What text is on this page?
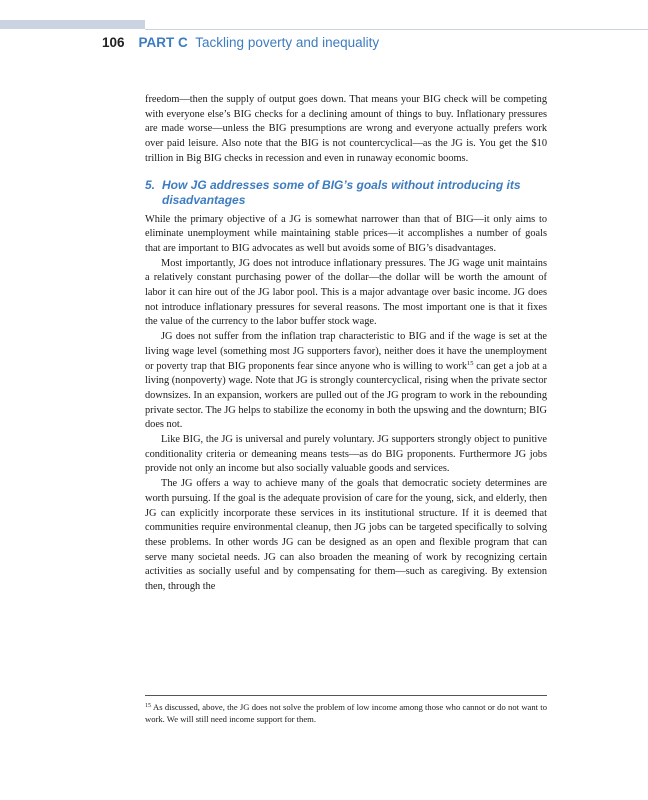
106 PART C Tackling poverty and inequality

freedom—then the supply of output goes down. That means your BIG check will be competing with everyone else’s BIG checks for a declining amount of things to buy. Inflationary pressures are made worse—unless the BIG presumptions are wrong and everyone actually prefers work over paid leisure. Also note that the BIG is not countercyclical—as the JG is. You get the $10 trillion in Big BIG checks in recession and even in runaway economic booms.

5. How JG addresses some of BIG’s goals without introducing its disadvantages

While the primary objective of a JG is somewhat narrower than that of BIG—it only aims to eliminate unemployment while maintaining stable prices—it accomplishes a number of goals that are important to BIG advocates as well but avoids some of BIG’s disadvantages.

Most importantly, JG does not introduce inflationary pressures. The JG wage unit maintains a relatively constant purchasing power of the dollar—the dollar will be worth the amount of labor it can hire out of the JG labor pool. This is a major advantage over basic income. JG does not introduce inflationary pressures for several reasons. The most important one is that it fixes the value of the currency to the labor buffer stock wage.

JG does not suffer from the inflation trap characteristic to BIG and if the wage is set at the living wage level (something most JG supporters favor), neither does it have the unemployment or poverty trap that BIG proponents fear since anyone who is willing to work$^{15}$ can get a job at a living (nonpoverty) wage. Note that JG is strongly countercyclical, rising when the private sector downsizes. In an expansion, workers are pulled out of the JG program to work in the rebounding private sector. The JG helps to stabilize the economy in both the upswing and the downturn; BIG does not.

Like BIG, the JG is universal and purely voluntary. JG supporters strongly object to punitive conditionality criteria or demeaning means tests—as do BIG proponents. Furthermore JG jobs provide not only an income but also socially valuable goods and services.

The JG offers a way to achieve many of the goals that democratic society determines are worth pursuing. If the goal is the adequate provision of care for the young, sick, and elderly, then JG can explicitly incorporate these services in its institutional structure. If it is deemed that communities require environmental cleanup, then JG jobs can be targeted specifically to solving these problems. In other words JG can be designed as an open and flexible program that can serve many societal needs. JG can also broaden the meaning of work by recognizing certain activities as socially useful and by compensating for them—such as caregiving. By extension then, through the

$^{15}$ As discussed, above, the JG does not solve the problem of low income among those who cannot or do not want to work. We will still need income support for them.
